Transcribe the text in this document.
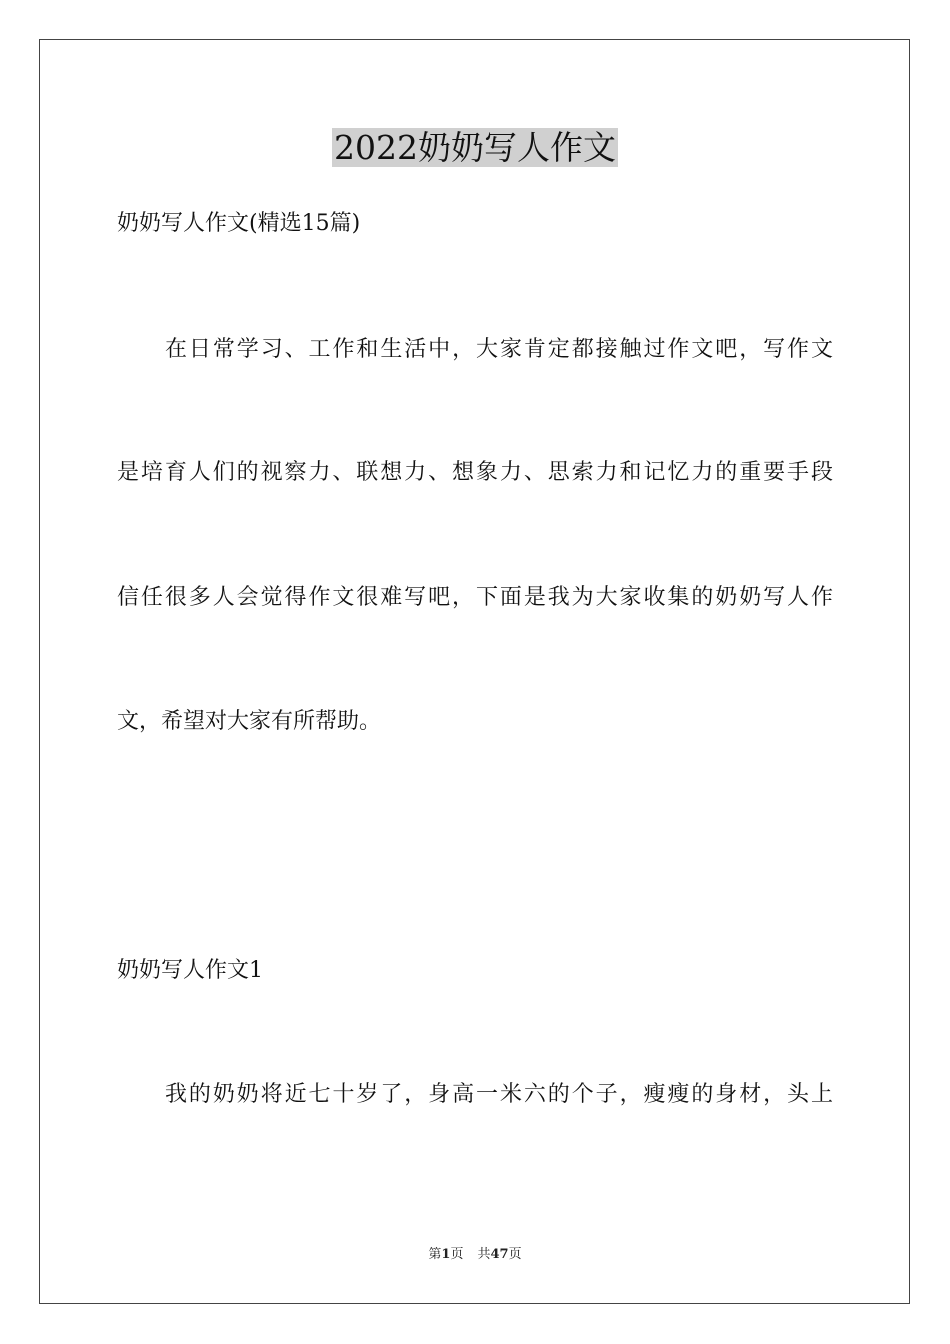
2022奶奶写人作文

奶奶写人作文(精选15篇)

在日常学习、工作和生活中，大家肯定都接触过作文吧，写作文

是培育人们的视察力、联想力、想象力、思索力和记忆力的重要手段

信任很多人会觉得作文很难写吧，下面是我为大家收集的奶奶写人作

文，希望对大家有所帮助。

奶奶写人作文1

我的奶奶将近七十岁了，身高一米六的个子，瘦瘦的身材，头上

第1页 共47页
